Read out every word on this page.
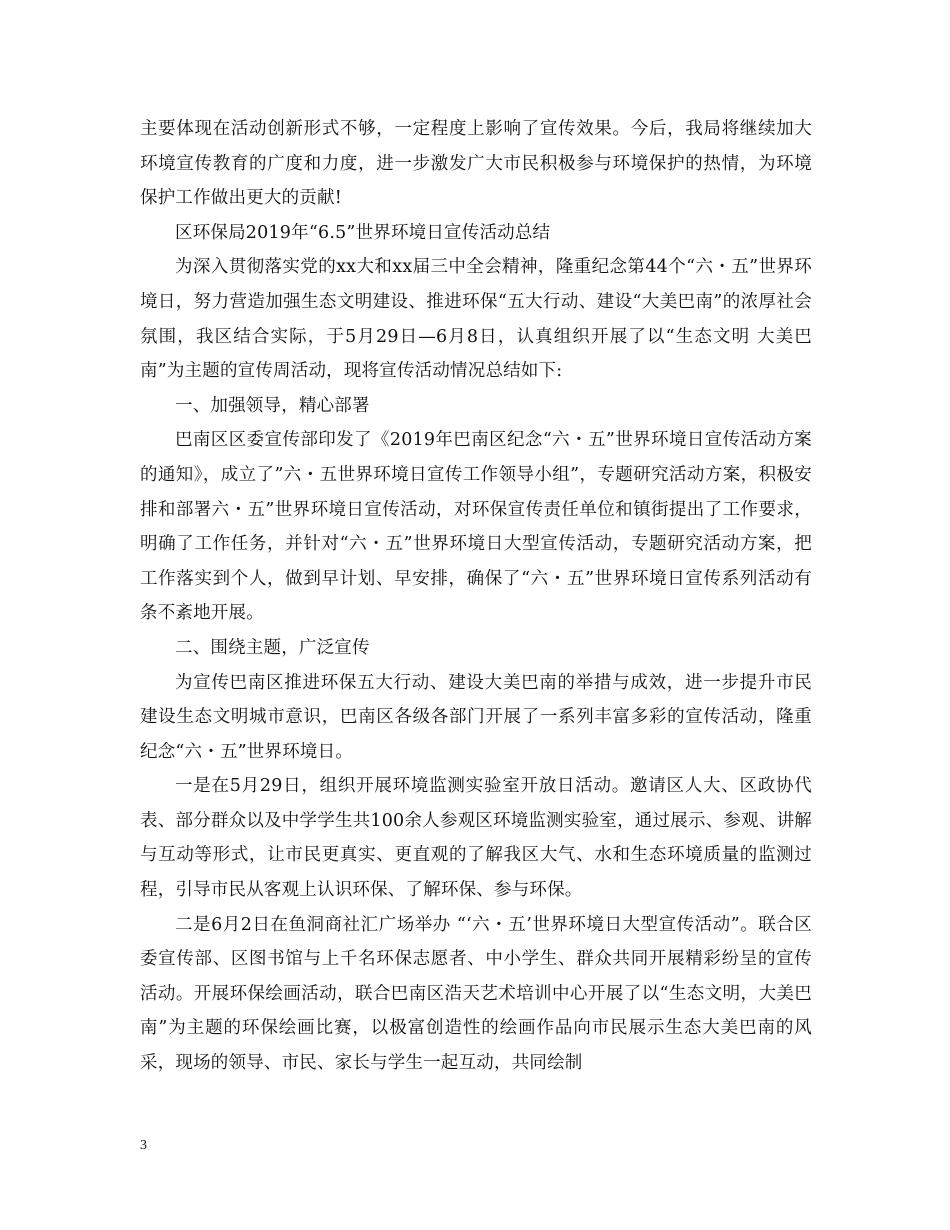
主要体现在活动创新形式不够，一定程度上影响了宣传效果。今后，我局将继续加大环境宣传教育的广度和力度，进一步激发广大市民积极参与环境保护的热情，为环境保护工作做出更大的贡献!

区环保局2019年“6.5”世界环境日宣传活动总结

为深入贯彻落实党的xx大和xx届三中全会精神，隆重纪念第44个“六・五”世界环境日，努力营造加强生态文明建设、推进环保“五大行动、建设“大美巴南”的浓厚社会氛围，我区结合实际，于5月29日—6月8日，认真组织开展了以“生态文明 大美巴南”为主题的宣传周活动，现将宣传活动情况总结如下:

一、加强领导，精心部署

巴南区区委宣传部印发了《2019年巴南区纪念“六・五”世界环境日宣传活动方案的通知》，成立了”六・五世界环境日宣传工作领导小组”，专题研究活动方案，积极安排和部署六・五”世界环境日宣传活动，对环保宣传责任单位和镇街提出了工作要求，明确了工作任务，并针对“六・五”世界环境日大型宣传活动，专题研究活动方案，把工作落实到个人，做到早计划、早安排，确保了“六・五”世界环境日宣传系列活动有条不紊地开展。

二、围绕主题，广泛宣传

为宣传巴南区推进环保五大行动、建设大美巴南的举措与成效，进一步提升市民建设生态文明城市意识，巴南区各级各部门开展了一系列丰富多彩的宣传活动，隆重纪念“六・五”世界环境日。

一是在5月29日，组织开展环境监测实验室开放日活动。邀请区人大、区政协代表、部分群众以及中学学生共100余人参观区环境监测实验室，通过展示、参观、讲解与互动等形式，让市民更真实、更直观的了解我区大气、水和生态环境质量的监测过程，引导市民从客观上认识环保、了解环保、参与环保。

二是6月2日在鱼洞商社汇广场举办 “‘六・五’世界环境日大型宣传活动”。联合区委宣传部、区图书馆与上千名环保志愿者、中小学生、群众共同开展精彩纷呈的宣传活动。开展环保绘画活动，联合巴南区浩天艺术培训中心开展了以“生态文明，大美巴南”为主题的环保绘画比赛，以极富创造性的绘画作品向市民展示生态大美巴南的风采，现场的领导、市民、家长与学生一起互动，共同绘制

3
